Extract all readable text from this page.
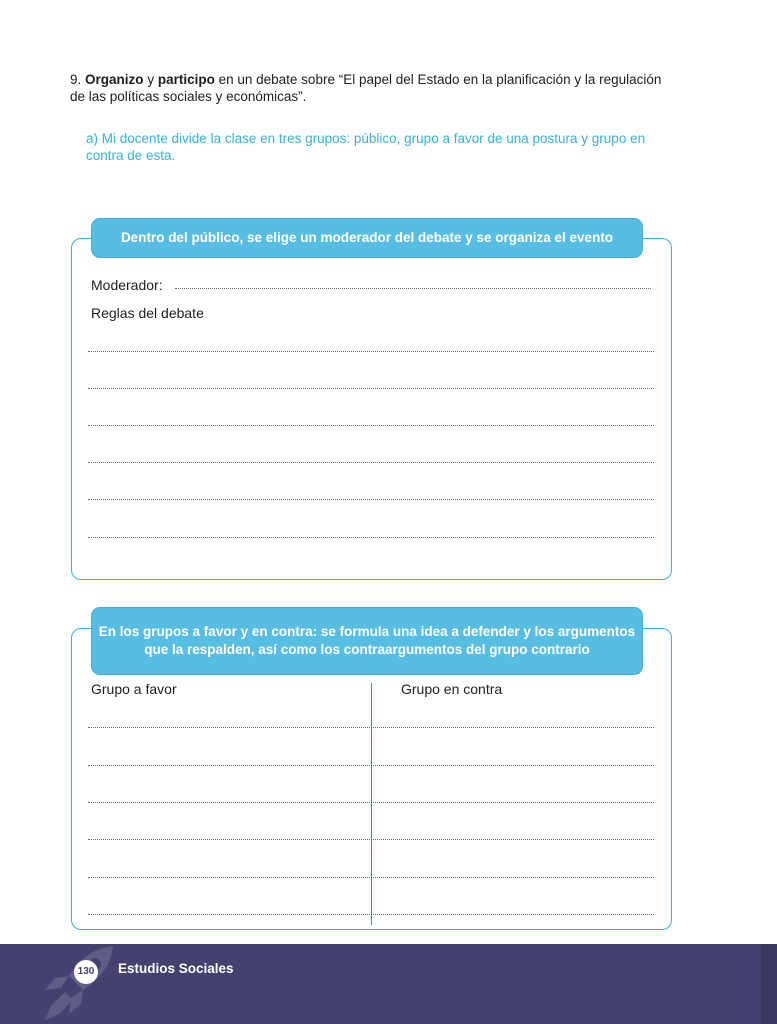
9. Organizo y participo en un debate sobre “El papel del Estado en la planificación y la regulación de las políticas sociales y económicas”.
a) Mi docente divide la clase en tres grupos: público, grupo a favor de una postura y grupo en contra de esta.
Dentro del público, se elige un moderador del debate y se organiza el evento
Moderador:
Reglas del debate
En los grupos a favor y en contra: se formula una idea a defender y los argumentos
que la respalden, así como los contraargumentos del grupo contrario
Grupo a favor	Grupo en contra
130 Estudios Sociales
